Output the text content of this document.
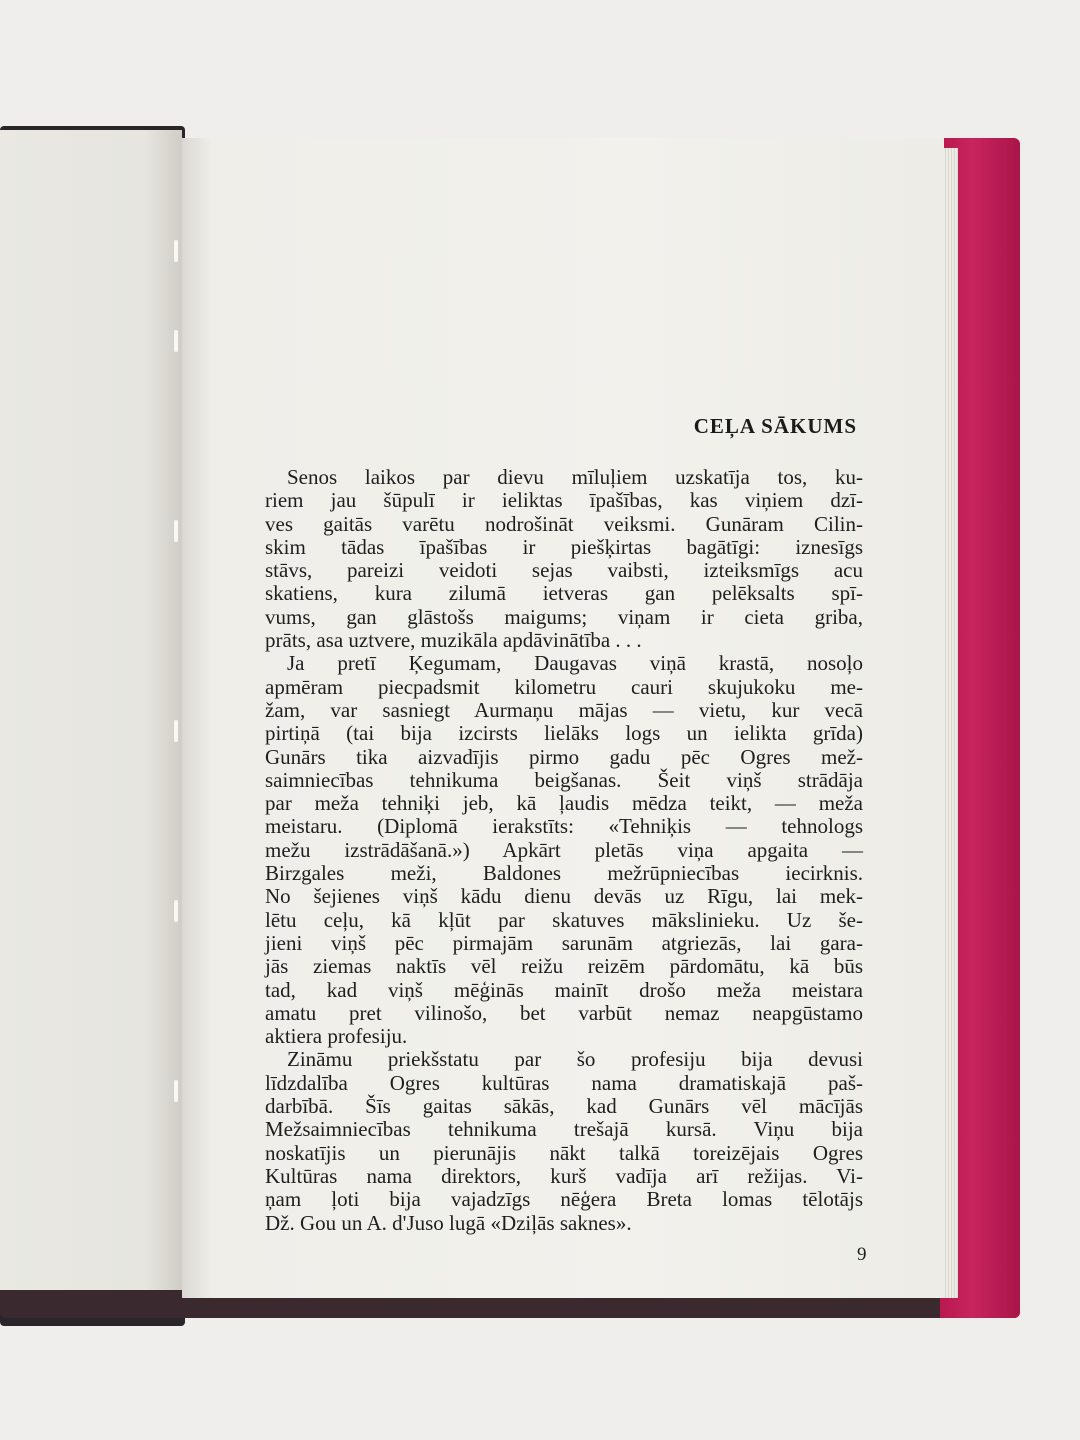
CEĻA SĀKUMS
Senos laikos par dievu mīluļiem uzskatīja tos, ku-
riem jau šūpulī ir ieliktas īpašības, kas viņiem dzī-
ves gaitās varētu nodrošināt veiksmi. Gunāram Cilin-
skim tādas īpašības ir piešķirtas bagātīgi: iznesīgs
stāvs, pareizi veidoti sejas vaibsti, izteiksmīgs acu
skatiens, kura zilumā ietveras gan pelēksalts spī-
vums, gan glāstošs maigums; viņam ir cieta griba,
prāts, asa uztvere, muzikāla apdāvinātība . . .
Ja pretī Ķegumam, Daugavas viņā krastā, nosoļo
apmēram piecpadsmit kilometru cauri skujukoku me-
žam, var sasniegt Aurmaņu mājas — vietu, kur vecā
pirtiņā (tai bija izcirsts lielāks logs un ielikta grīda)
Gunārs tika aizvadījis pirmo gadu pēc Ogres mež-
saimniecības tehnikuma beigšanas. Šeit viņš strādāja
par meža tehniķi jeb, kā ļaudis mēdza teikt, — meža
meistaru. (Diplomā ierakstīts: «Tehniķis — tehnologs
mežu izstrādāšanā.») Apkārt pletās viņa apgaita —
Birzgales meži, Baldones mežrūpniecības iecirknis.
No šejienes viņš kādu dienu devās uz Rīgu, lai mek-
lētu ceļu, kā kļūt par skatuves mākslinieku. Uz še-
jieni viņš pēc pirmajām sarunām atgriezās, lai gara-
jās ziemas naktīs vēl reižu reizēm pārdomātu, kā būs
tad, kad viņš mēģinās mainīt drošo meža meistara
amatu pret vilinošo, bet varbūt nemaz neapgūstamo
aktiera profesiju.
Zināmu priekšstatu par šo profesiju bija devusi
līdzdalība Ogres kultūras nama dramatiskajā paš-
darbībā. Šīs gaitas sākās, kad Gunārs vēl mācījās
Mežsaimniecības tehnikuma trešajā kursā. Viņu bija
noskatījis un pierunājis nākt talkā toreizējais Ogres
Kultūras nama direktors, kurš vadīja arī režijas. Vi-
ņam ļoti bija vajadzīgs nēģera Breta lomas tēlotājs
Dž. Gou un A. d'Juso lugā «Dziļās saknes».
9
